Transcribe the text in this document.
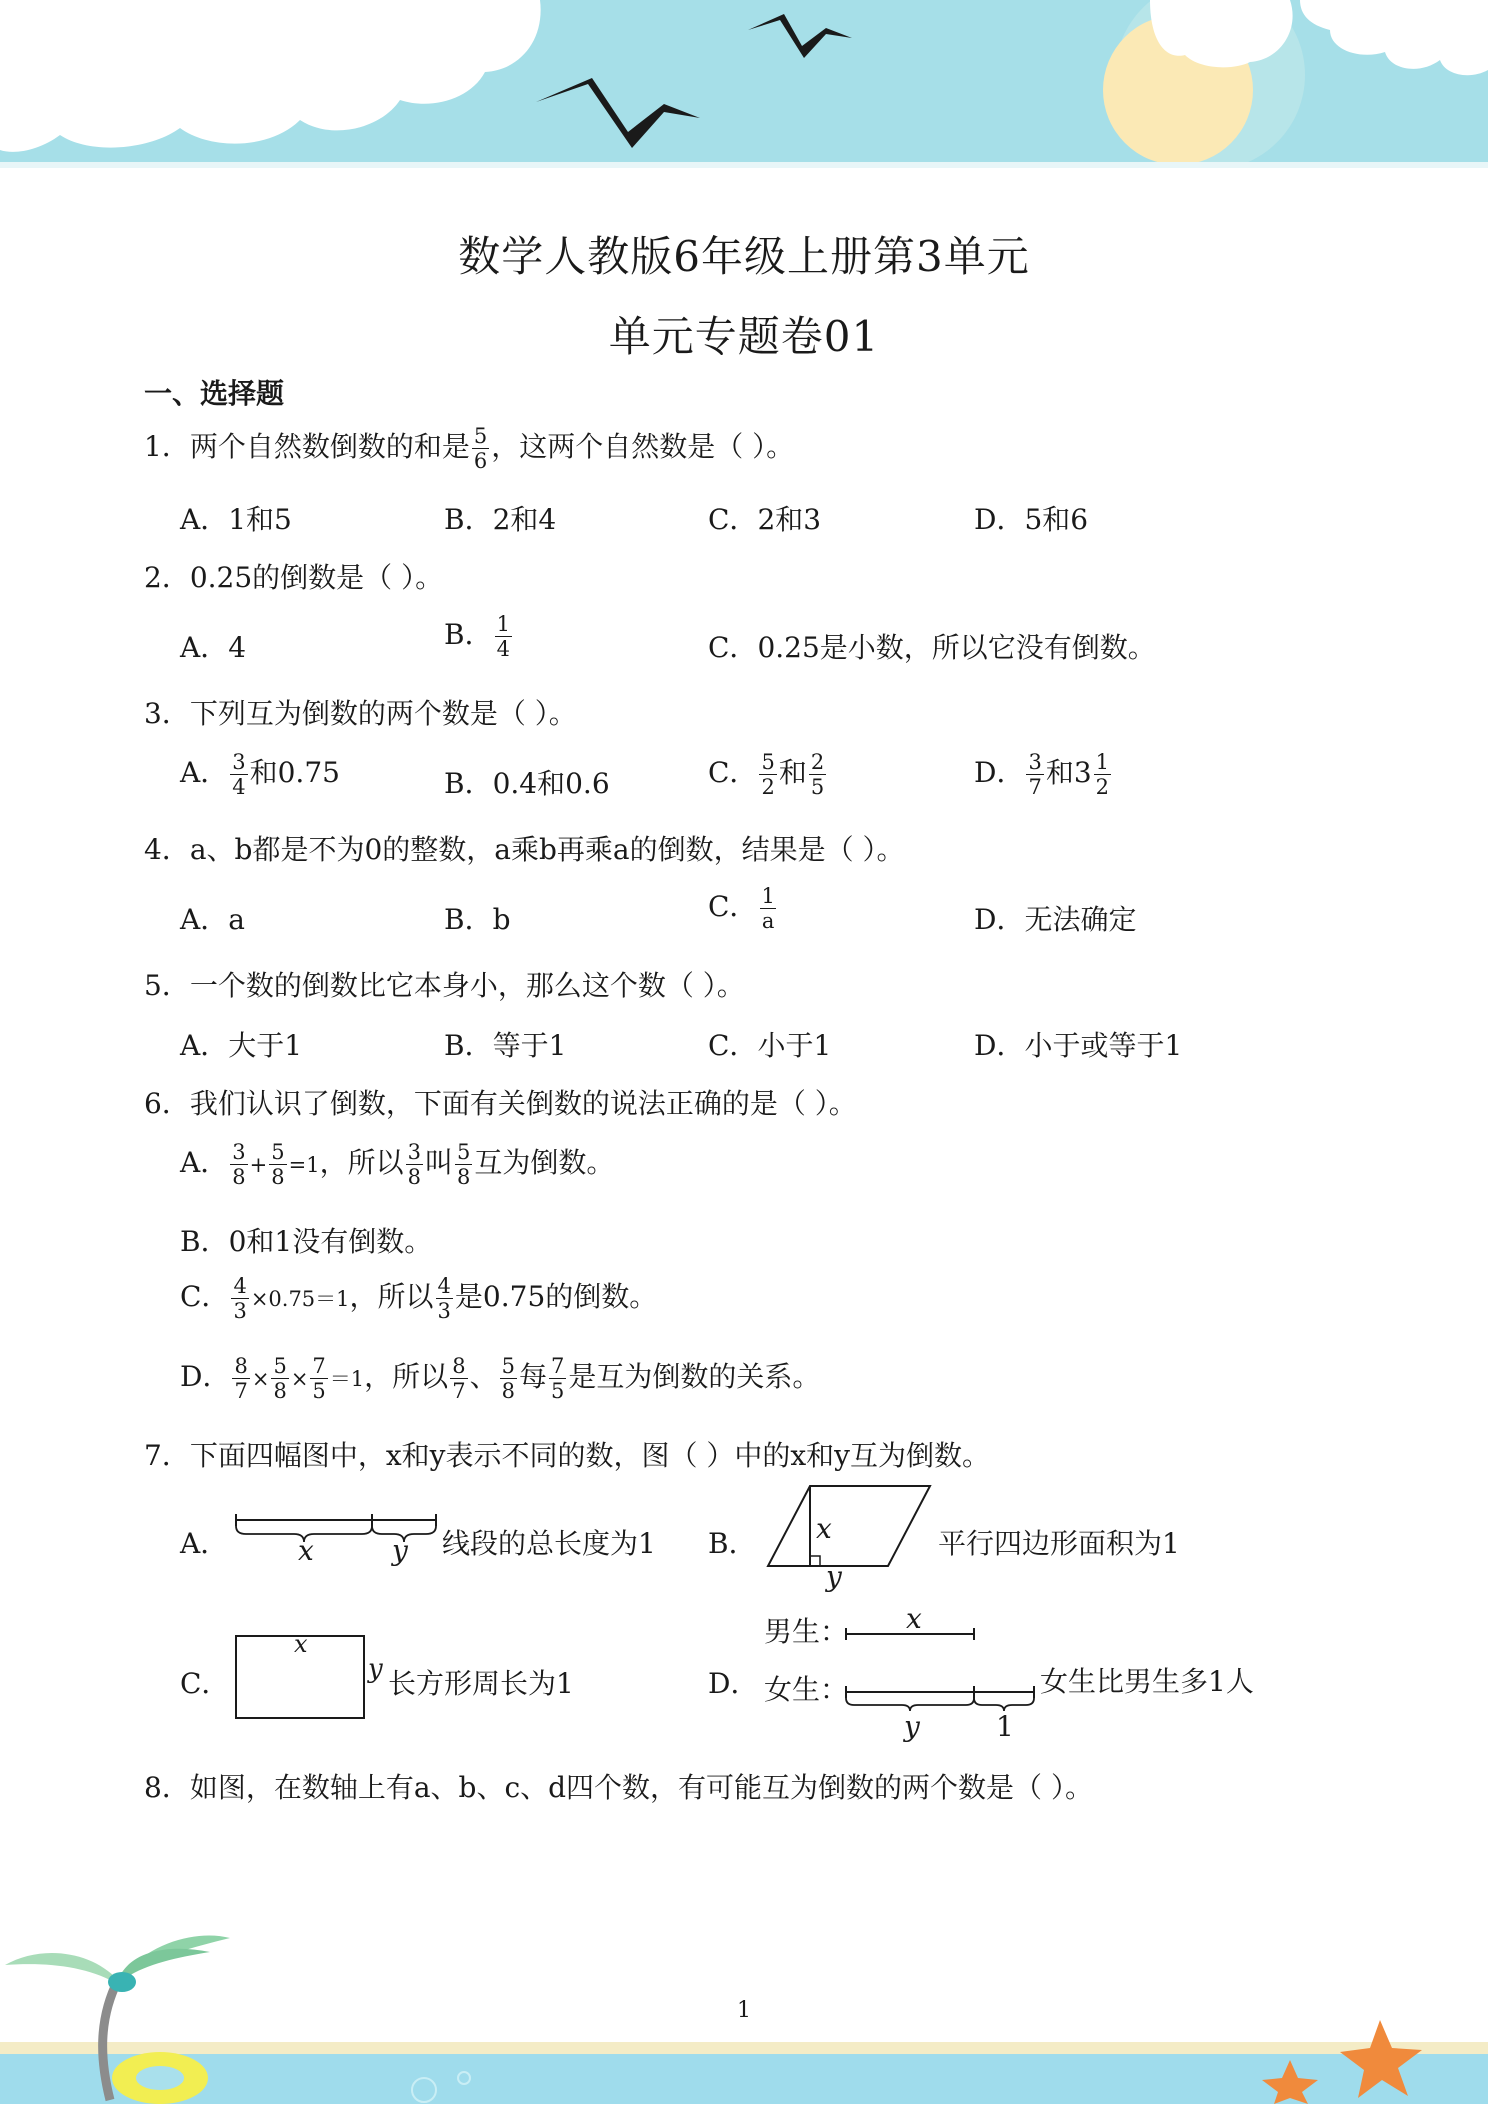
数学人教版6年级上册第3单元
单元专题卷01
一、选择题
1．两个自然数倒数的和是 $\frac{5}{6}$ ，这两个自然数是（ ）。
A．1和5	B．2和4	C．2和3	D．5和6
2．0.25的倒数是（ ）。
A．4	B． $\frac{1}{4}$	C．0.25是小数，所以它没有倒数。
3．下列互为倒数的两个数是（ ）。
A． $\frac{3}{4}$ 和0.75	B．0.4和0.6	C． $\frac{5}{2}$ 和 $\frac{2}{5}$	D． $\frac{3}{7}$ 和$3 \frac{1}{2}$
4．a、b都是不为0的整数，a乘b再乘a的倒数，结果是（ ）。
A．a	B．b	C． $\frac{1}{a}$	D．无法确定
5．一个数的倒数比它本身小，那么这个数（ ）。
A．大于1	B．等于1	C．小于1	D．小于或等于1
6．我们认识了倒数，下面有关倒数的说法正确的是（ ）。
A． $\frac{3}{8} + \frac{5}{8} =1$，所以 $\frac{3}{8}$ 叫 $\frac{5}{8}$ 互为倒数。
B．0和1没有倒数。
C． $\frac{4}{3} \times 0.75=1$，所以 $\frac{4}{3}$ 是0.75的倒数。
D． $\frac{8}{7} \times \frac{5}{8} \times \frac{7}{5} =1$，所以 $\frac{8}{7}$ 、 $\frac{5}{8}$ 每 $\frac{7}{5}$ 是互为倒数的关系。
7．下面四幅图中，x和y表示不同的数，图（ ）中的x和y互为倒数。
A． x	y 线段的总长度为1 B． x
y
平行四边形面积为1
C．
x
y 长方形周长为1	D．
男生：
女生：
x
y	1
女生比男生多1人
8．如图，在数轴上有a、b、c、d四个数，有可能互为倒数的两个数是（ ）。
1
